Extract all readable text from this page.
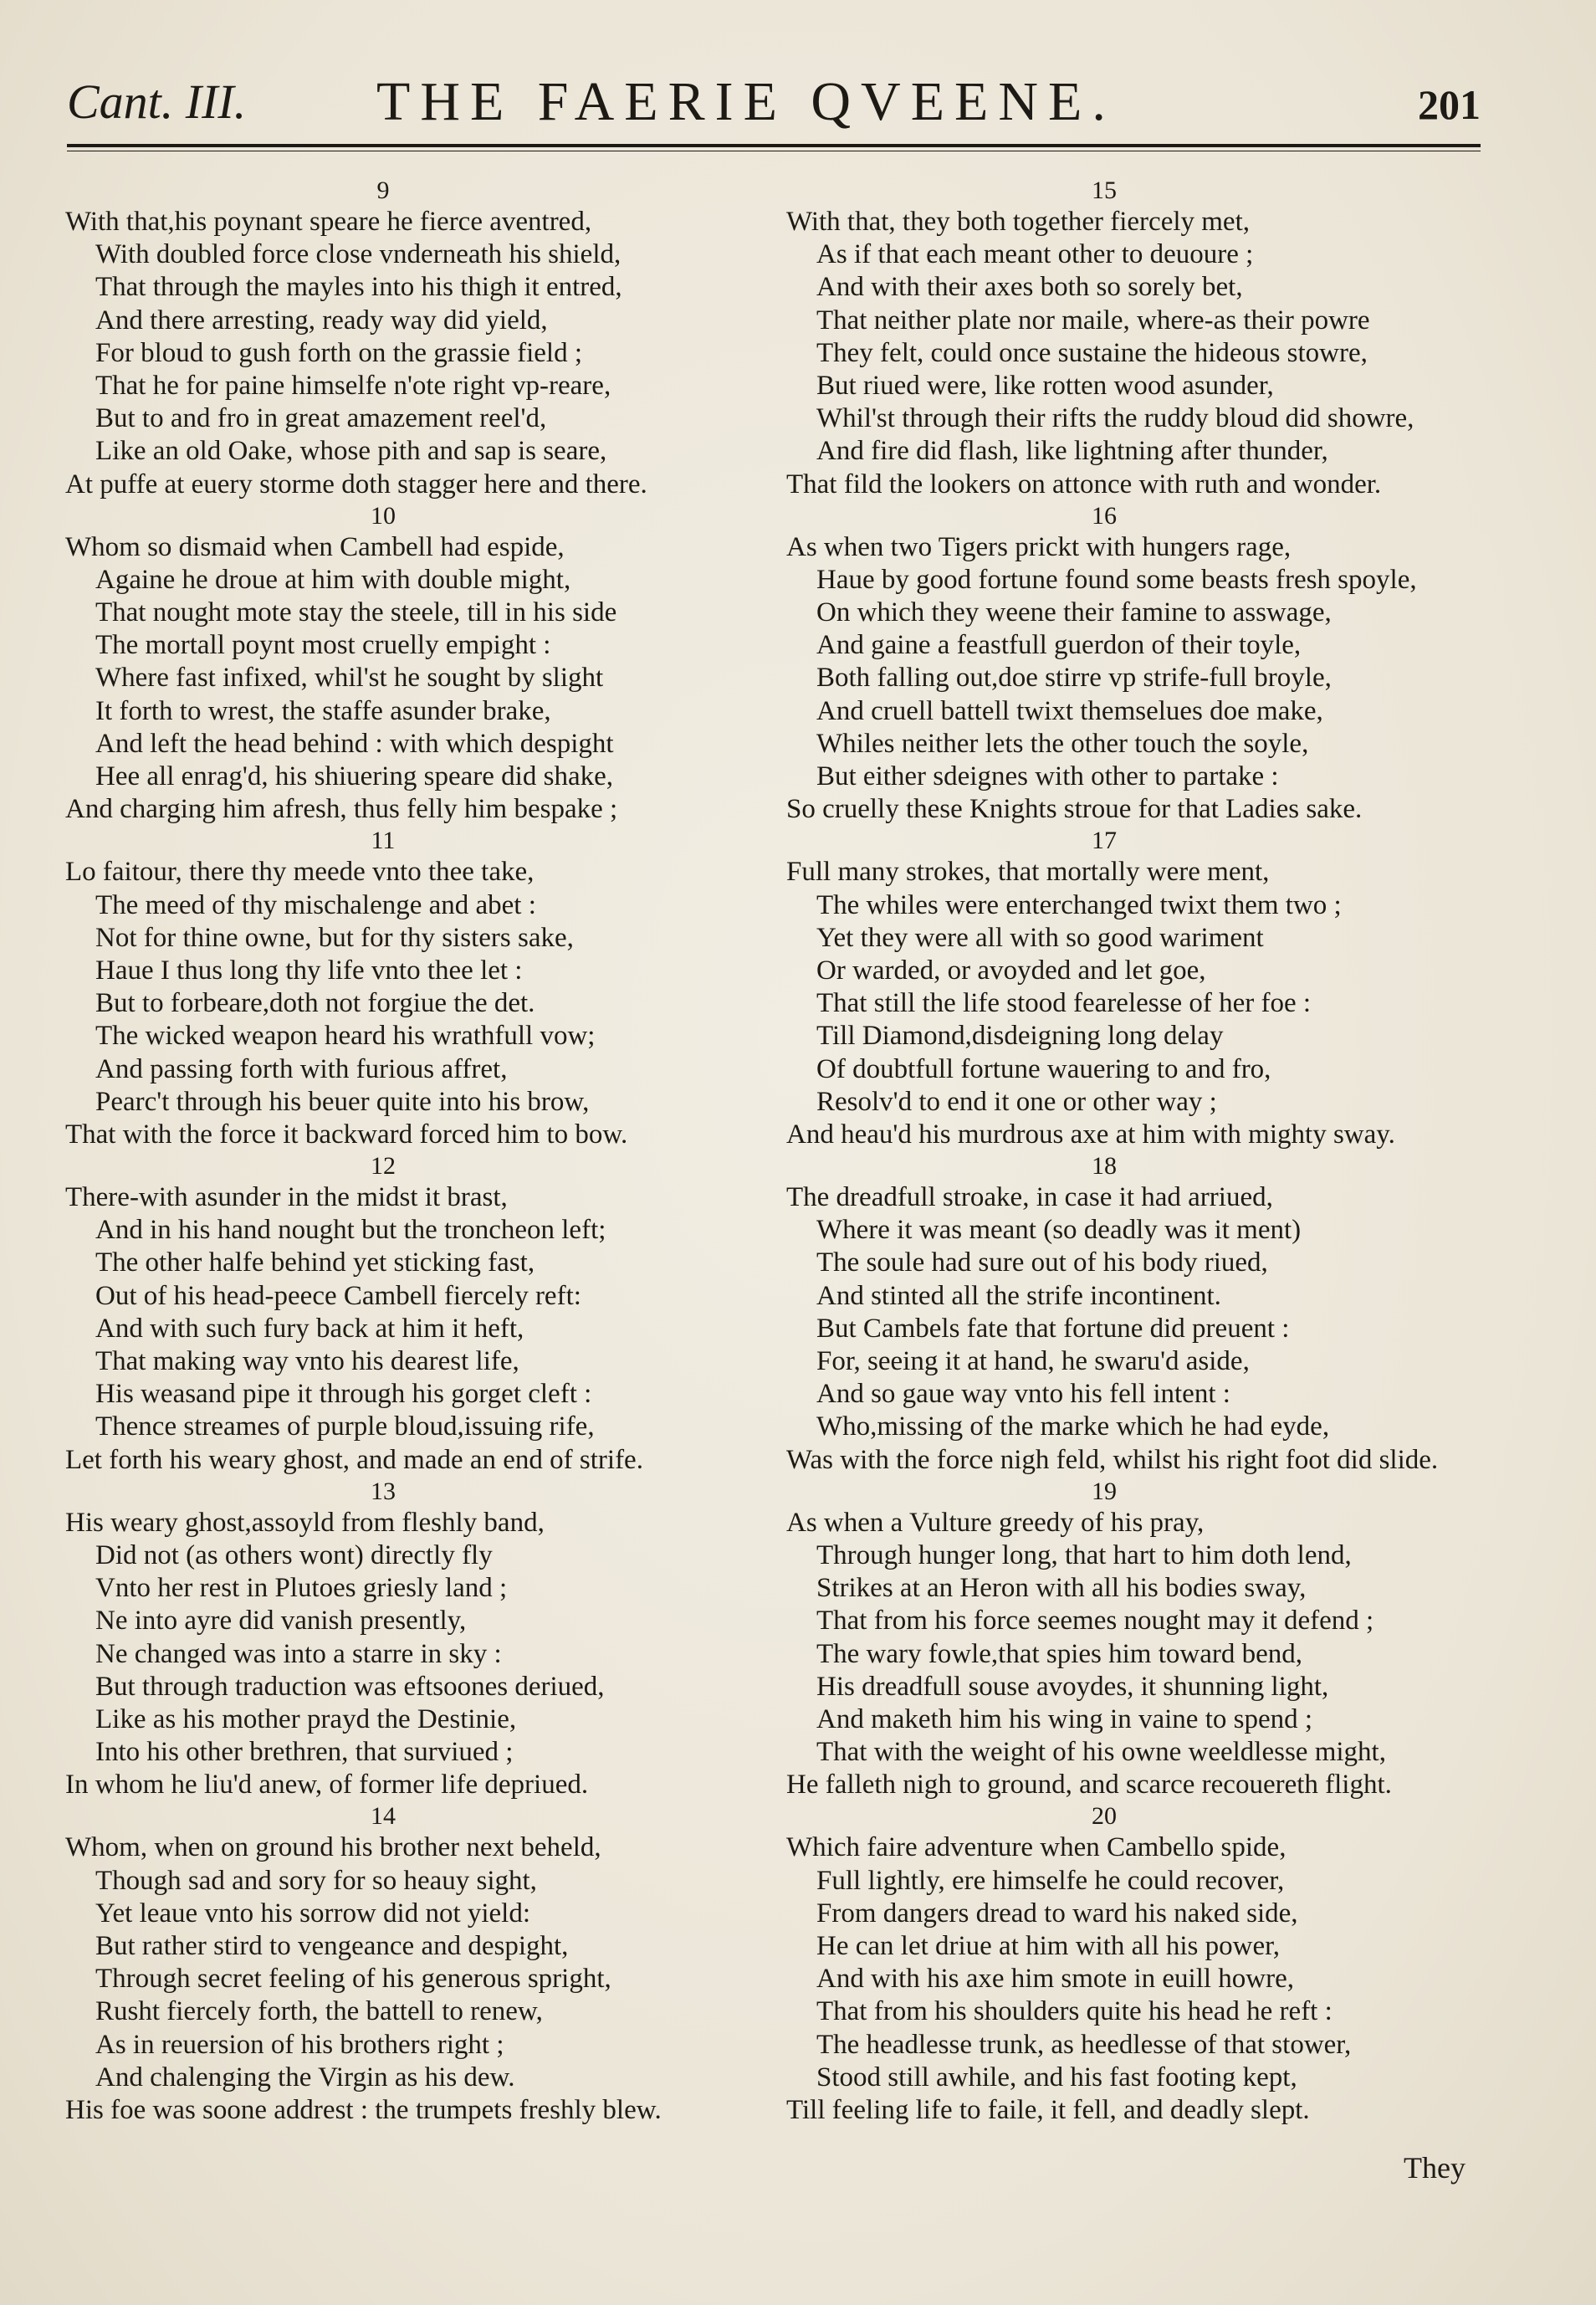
Cant. III. THE FAERIE QVEENE.	201
9
With that,his poynant speare he fierce aventred,
With doubled force close vnderneath his shield,
That through the mayles into his thigh it entred,
And there arresting, ready way did yield,
For bloud to gush forth on the grassie field ;
That he for paine himselfe n'ote right vp-reare,
But to and fro in great amazement reel'd,
Like an old Oake, whose pith and sap is seare,
At puffe at euery storme doth stagger here and there.
10
Whom so dismaid when Cambell had espide,
Againe he droue at him with double might,
That nought mote stay the steele, till in his side
The mortall poynt most cruelly empight :
Where fast infixed, whil'st he sought by slight
It forth to wrest, the staffe asunder brake,
And left the head behind : with which despight
Hee all enrag'd, his shiuering speare did shake,
And charging him afresh, thus felly him bespake ;
11
Lo faitour, there thy meede vnto thee take,
The meed of thy mischalenge and abet :
Not for thine owne, but for thy sisters sake,
Haue I thus long thy life vnto thee let :
But to forbeare,doth not forgiue the det.
The wicked weapon heard his wrathfull vow;
And passing forth with furious affret,
Pearc't through his beuer quite into his brow,
That with the force it backward forced him to bow.
12
There-with asunder in the midst it brast,
And in his hand nought but the troncheon left;
The other halfe behind yet sticking fast,
Out of his head-peece Cambell fiercely reft:
And with such fury back at him it heft,
That making way vnto his dearest life,
His weasand pipe it through his gorget cleft :
Thence streames of purple bloud,issuing rife,
Let forth his weary ghost, and made an end of strife.
13
His weary ghost,assoyld from fleshly band,
Did not (as others wont) directly fly
Vnto her rest in Plutoes griesly land ;
Ne into ayre did vanish presently,
Ne changed was into a starre in sky :
But through traduction was eftsoones deriued,
Like as his mother prayd the Destinie,
Into his other brethren, that surviued ;
In whom he liu'd anew, of former life depriued.
14
Whom, when on ground his brother next beheld,
Though sad and sory for so heauy sight,
Yet leaue vnto his sorrow did not yield:
But rather stird to vengeance and despight,
Through secret feeling of his generous spright,
Rusht fiercely forth, the battell to renew,
As in reuersion of his brothers right ;
And chalenging the Virgin as his dew.
His foe was soone addrest : the trumpets freshly blew.
15
With that, they both together fiercely met,
As if that each meant other to deuoure ;
And with their axes both so sorely bet,
That neither plate nor maile, where-as their powre
They felt, could once sustaine the hideous stowre,
But riued were, like rotten wood asunder,
Whil'st through their rifts the ruddy bloud did showre,
And fire did flash, like lightning after thunder,
That fild the lookers on attonce with ruth and wonder.
16
As when two Tigers prickt with hungers rage,
Haue by good fortune found some beasts fresh spoyle,
On which they weene their famine to asswage,
And gaine a feastfull guerdon of their toyle,
Both falling out,doe stirre vp strife-full broyle,
And cruell battell twixt themselues doe make,
Whiles neither lets the other touch the soyle,
But either sdeignes with other to partake :
So cruelly these Knights stroue for that Ladies sake.
17
Full many strokes, that mortally were ment,
The whiles were enterchanged twixt them two ;
Yet they were all with so good wariment
Or warded, or avoyded and let goe,
That still the life stood fearelesse of her foe :
Till Diamond,disdeigning long delay
Of doubtfull fortune wauering to and fro,
Resolv'd to end it one or other way ;
And heau'd his murdrous axe at him with mighty sway.
18
The dreadfull stroake, in case it had arriued,
Where it was meant (so deadly was it ment)
The soule had sure out of his body riued,
And stinted all the strife incontinent.
But Cambels fate that fortune did preuent :
For, seeing it at hand, he swaru'd aside,
And so gaue way vnto his fell intent :
Who,missing of the marke which he had eyde,
Was with the force nigh feld, whilst his right foot did slide.
19
As when a Vulture greedy of his pray,
Through hunger long, that hart to him doth lend,
Strikes at an Heron with all his bodies sway,
That from his force seemes nought may it defend ;
The wary fowle,that spies him toward bend,
His dreadfull souse avoydes, it shunning light,
And maketh him his wing in vaine to spend ;
That with the weight of his owne weeldlesse might,
He falleth nigh to ground, and scarce recouereth flight.
20
Which faire adventure when Cambello spide,
Full lightly, ere himselfe he could recover,
From dangers dread to ward his naked side,
He can let driue at him with all his power,
And with his axe him smote in euill howre,
That from his shoulders quite his head he reft :
The headlesse trunk, as heedlesse of that stower,
Stood still awhile, and his fast footing kept,
Till feeling life to faile, it fell, and deadly slept.
They
